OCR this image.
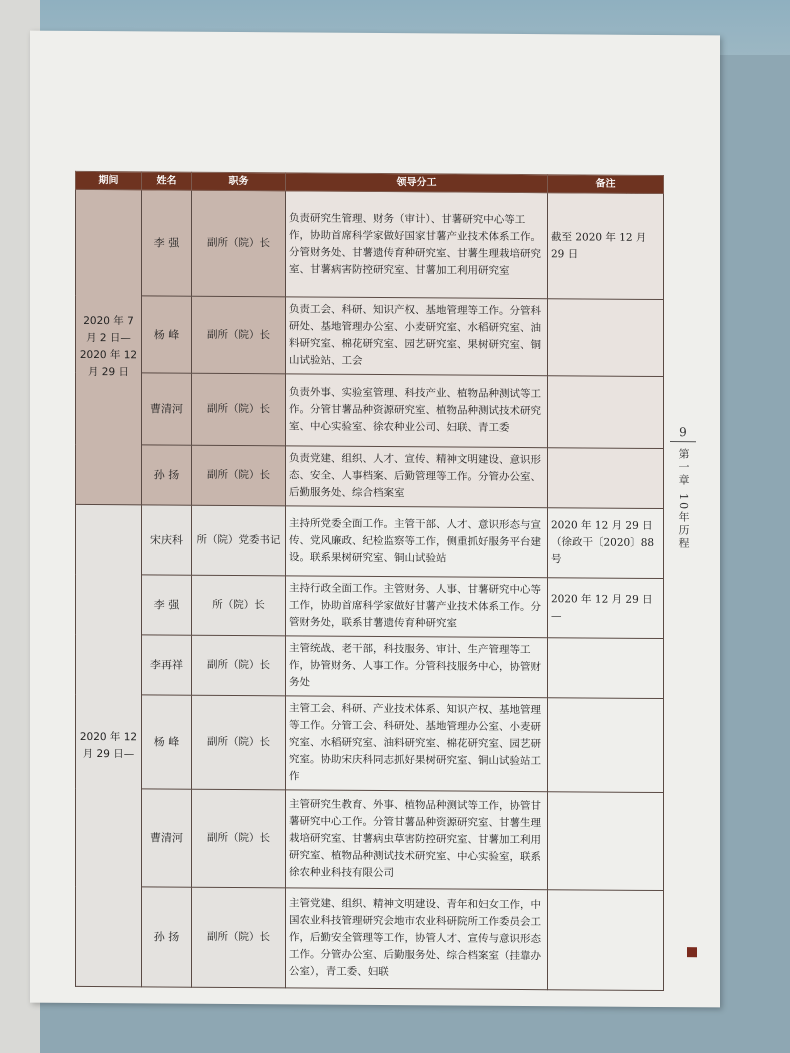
期间	姓名	职务	领导分工	备注
2020 年 7 月 2 日— 2020 年 12 月 29 日	李 强	副所（院）长	负责研究生管理、财务（审计）、甘薯研究中心等工作，协助首席科学家做好国家甘薯产业技术体系工作。分管财务处、甘薯遗传育种研究室、甘薯生理栽培研究室、甘薯病害防控研究室、甘薯加工利用研究室	截至 2020 年 12 月 29 日
	杨 峰	副所（院）长	负责工会、科研、知识产权、基地管理等工作。分管科研处、基地管理办公室、小麦研究室、水稻研究室、油料研究室、棉花研究室、园艺研究室、果树研究室、铜山试验站、工会	
	曹清河	副所（院）长	负责外事、实验室管理、科技产业、植物品种测试等工作。分管甘薯品种资源研究室、植物品种测试技术研究室、中心实验室、徐农种业公司、妇联、青工委	
	孙 扬	副所（院）长	负责党建、组织、人才、宣传、精神文明建设、意识形态、安全、人事档案、后勤管理等工作。分管办公室、后勤服务处、综合档案室	
2020 年 12 月 29 日—	宋庆科	所（院）党委书记	主持所党委全面工作。主管干部、人才、意识形态与宣传、党风廉政、纪检监察等工作，侧重抓好服务平台建设。联系果树研究室、铜山试验站	2020 年 12 月 29 日（徐政干〔2020〕88 号
	李 强	所（院）长	主持行政全面工作。主管财务、人事、甘薯研究中心等工作，协助首席科学家做好甘薯产业技术体系工作。分管财务处，联系甘薯遗传育种研究室	2020 年 12 月 29 日—
	李再祥	副所（院）长	主管统战、老干部，科技服务、审计、生产管理等工作，协管财务、人事工作。分管科技服务中心，协管财务处	
	杨 峰	副所（院）长	主管工会、科研、产业技术体系、知识产权、基地管理等工作。分管工会、科研处、基地管理办公室、小麦研究室、水稻研究室、油料研究室、棉花研究室、园艺研究室。协助宋庆科同志抓好果树研究室、铜山试验站工作	
	曹清河	副所（院）长	主管研究生教育、外事、植物品种测试等工作，协管甘薯研究中心工作。分管甘薯品种资源研究室、甘薯生理栽培研究室、甘薯病虫草害防控研究室、甘薯加工利用研究室、植物品种测试技术研究室、中心实验室，联系徐农种业科技有限公司	
	孙 扬	副所（院）长	主管党建、组织、精神文明建设、青年和妇女工作，中国农业科技管理研究会地市农业科研院所工作委员会工作，后勤安全管理等工作，协管人才、宣传与意识形态工作。分管办公室、后勤服务处、综合档案室（挂靠办公室），青工委、妇联	
9
第一章
10年历程
